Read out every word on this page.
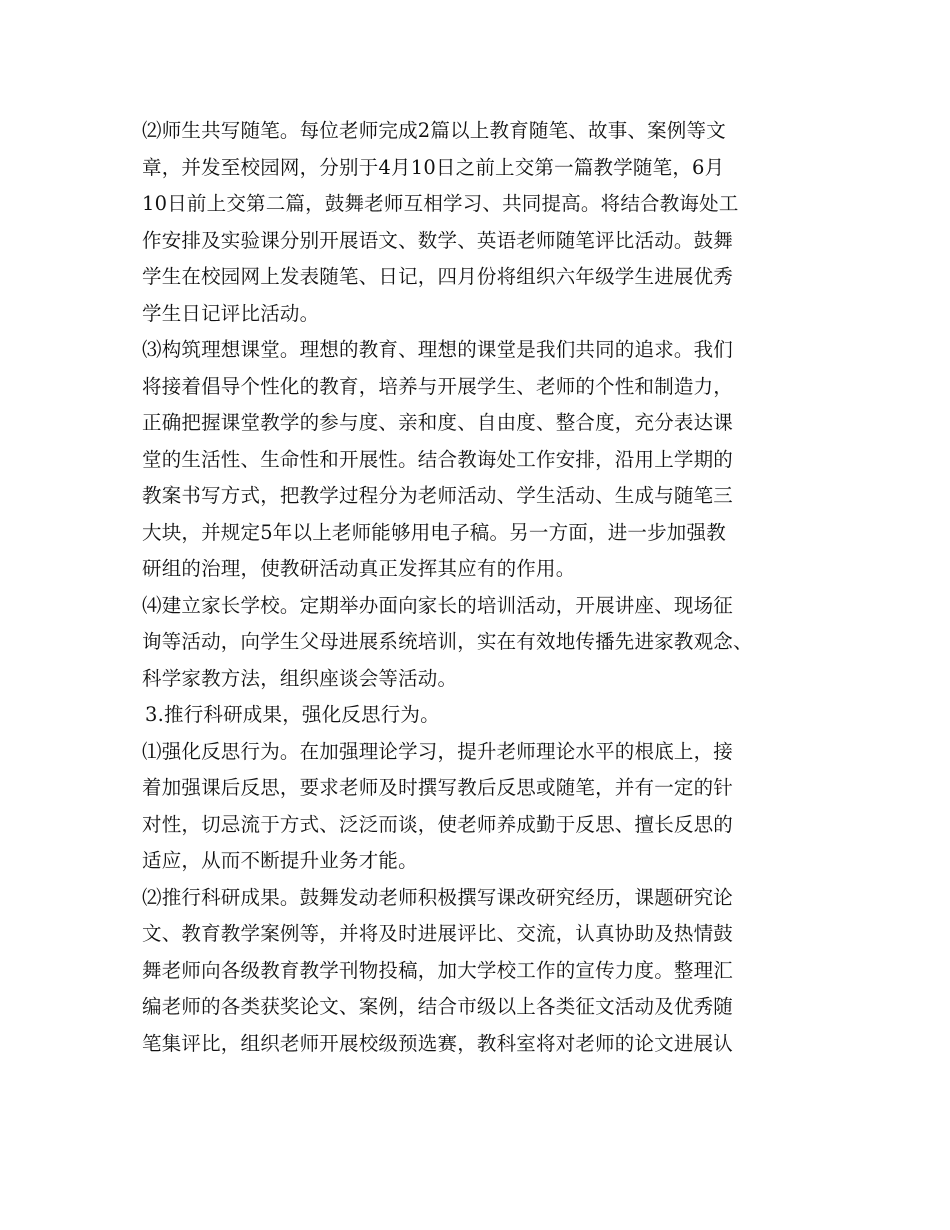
⑵师生共写随笔。每位老师完成2篇以上教育随笔、故事、案例等文
章，并发至校园网，分别于4月10日之前上交第一篇教学随笔，6月
10日前上交第二篇，鼓舞老师互相学习、共同提高。将结合教诲处工
作安排及实验课分别开展语文、数学、英语老师随笔评比活动。鼓舞
学生在校园网上发表随笔、日记，四月份将组织六年级学生进展优秀
学生日记评比活动。
⑶构筑理想课堂。理想的教育、理想的课堂是我们共同的追求。我们
将接着倡导个性化的教育，培养与开展学生、老师的个性和制造力，
正确把握课堂教学的参与度、亲和度、自由度、整合度，充分表达课
堂的生活性、生命性和开展性。结合教诲处工作安排，沿用上学期的
教案书写方式，把教学过程分为老师活动、学生活动、生成与随笔三
大块，并规定5年以上老师能够用电子稿。另一方面，进一步加强教
研组的治理，使教研活动真正发挥其应有的作用。
⑷建立家长学校。定期举办面向家长的培训活动，开展讲座、现场征
询等活动，向学生父母进展系统培训，实在有效地传播先进家教观念、
科学家教方法，组织座谈会等活动。
3.推行科研成果，强化反思行为。
⑴强化反思行为。在加强理论学习，提升老师理论水平的根底上，接
着加强课后反思，要求老师及时撰写教后反思或随笔，并有一定的针
对性，切忌流于方式、泛泛而谈，使老师养成勤于反思、擅长反思的
适应，从而不断提升业务才能。
⑵推行科研成果。鼓舞发动老师积极撰写课改研究经历，课题研究论
文、教育教学案例等，并将及时进展评比、交流，认真协助及热情鼓
舞老师向各级教育教学刊物投稿，加大学校工作的宣传力度。整理汇
编老师的各类获奖论文、案例，结合市级以上各类征文活动及优秀随
笔集评比，组织老师开展校级预选赛，教科室将对老师的论文进展认
